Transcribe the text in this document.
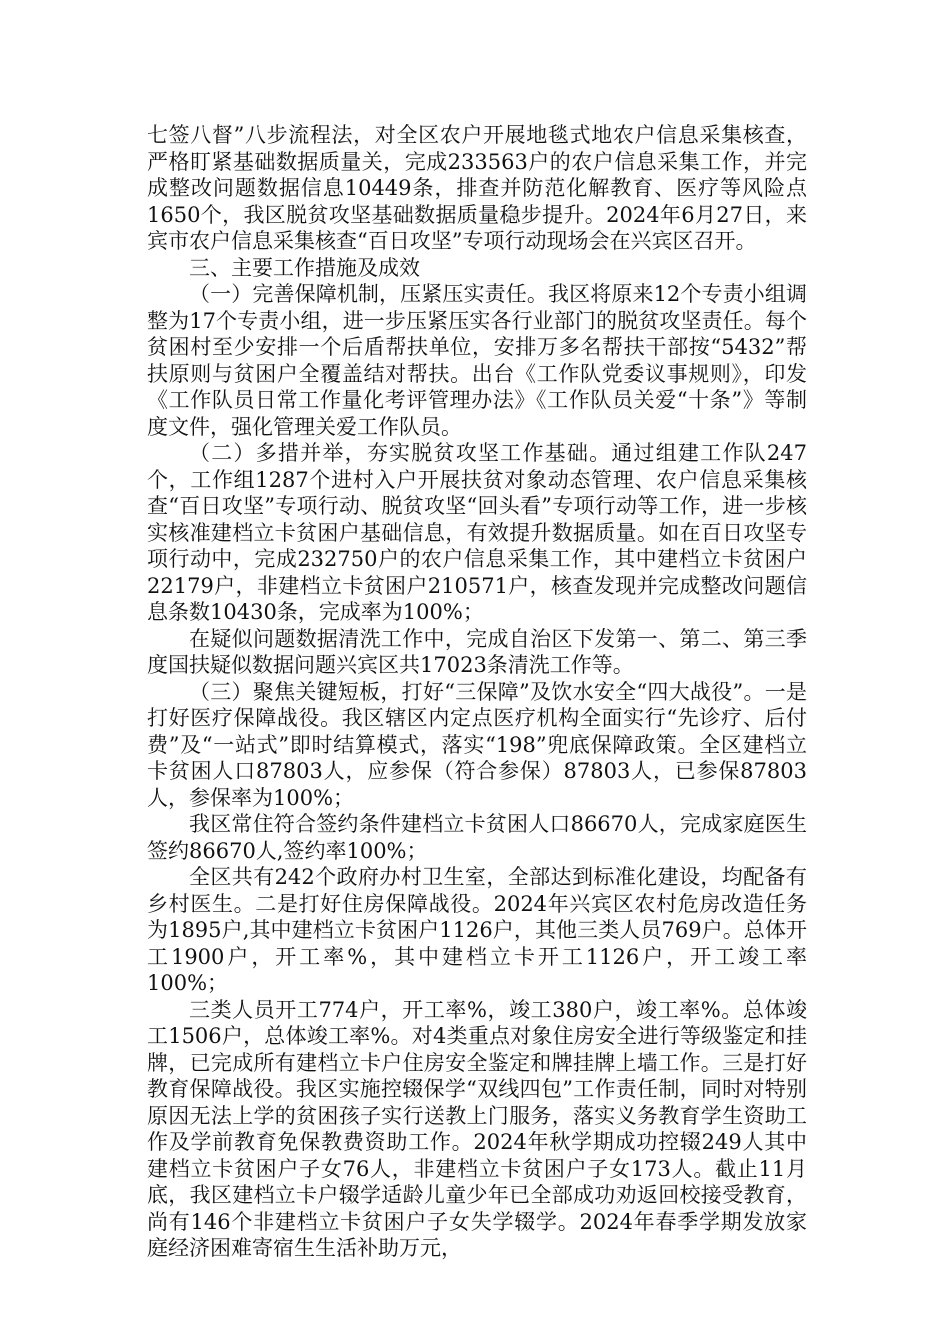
七签八督”八步流程法，对全区农户开展地毯式地农户信息采集核查，严格盯紧基础数据质量关，完成233563户的农户信息采集工作，并完成整改问题数据信息10449条，排查并防范化解教育、医疗等风险点1650个，我区脱贫攻坚基础数据质量稳步提升。2024年6月27日，来宾市农户信息采集核查“百日攻坚”专项行动现场会在兴宾区召开。

三、主要工作措施及成效

（一）完善保障机制，压紧压实责任。我区将原来12个专责小组调整为17个专责小组，进一步压紧压实各行业部门的脱贫攻坚责任。每个贫困村至少安排一个后盾帮扶单位，安排万多名帮扶干部按“5432”帮扶原则与贫困户全覆盖结对帮扶。出台《工作队党委议事规则》，印发《工作队员日常工作量化考评管理办法》《工作队员关爱“十条”》等制度文件，强化管理关爱工作队员。

（二）多措并举，夯实脱贫攻坚工作基础。通过组建工作队247个，工作组1287个进村入户开展扶贫对象动态管理、农户信息采集核查“百日攻坚”专项行动、脱贫攻坚“回头看”专项行动等工作，进一步核实核准建档立卡贫困户基础信息，有效提升数据质量。如在百日攻坚专项行动中，完成232750户的农户信息采集工作，其中建档立卡贫困户22179户，非建档立卡贫困户210571户，核查发现并完成整改问题信息条数10430条，完成率为100%；

在疑似问题数据清洗工作中，完成自治区下发第一、第二、第三季度国扶疑似数据问题兴宾区共17023条清洗工作等。

（三）聚焦关键短板，打好“三保障”及饮水安全“四大战役”。一是打好医疗保障战役。我区辖区内定点医疗机构全面实行“先诊疗、后付费”及“一站式”即时结算模式，落实“198”兜底保障政策。全区建档立卡贫困人口87803人，应参保（符合参保）87803人，已参保87803人，参保率为100%；

我区常住符合签约条件建档立卡贫困人口86670人，完成家庭医生签约86670人,签约率100%；

全区共有242个政府办村卫生室，全部达到标准化建设，均配备有乡村医生。二是打好住房保障战役。2024年兴宾区农村危房改造任务为1895户,其中建档立卡贫困户1126户，其他三类人员769户。总体开工1900户，开工率%，其中建档立卡开工1126户，开工竣工率100%；

三类人员开工774户，开工率%，竣工380户，竣工率%。总体竣工1506户，总体竣工率%。对4类重点对象住房安全进行等级鉴定和挂牌，已完成所有建档立卡户住房安全鉴定和牌挂牌上墙工作。三是打好教育保障战役。我区实施控辍保学“双线四包”工作责任制，同时对特别原因无法上学的贫困孩子实行送教上门服务，落实义务教育学生资助工作及学前教育免保教费资助工作。2024年秋学期成功控辍249人其中建档立卡贫困户子女76人，非建档立卡贫困户子女173人。截止11月底，我区建档立卡户辍学适龄儿童少年已全部成功劝返回校接受教育，尚有146个非建档立卡贫困户子女失学辍学。2024年春季学期发放家庭经济困难寄宿生生活补助万元，
